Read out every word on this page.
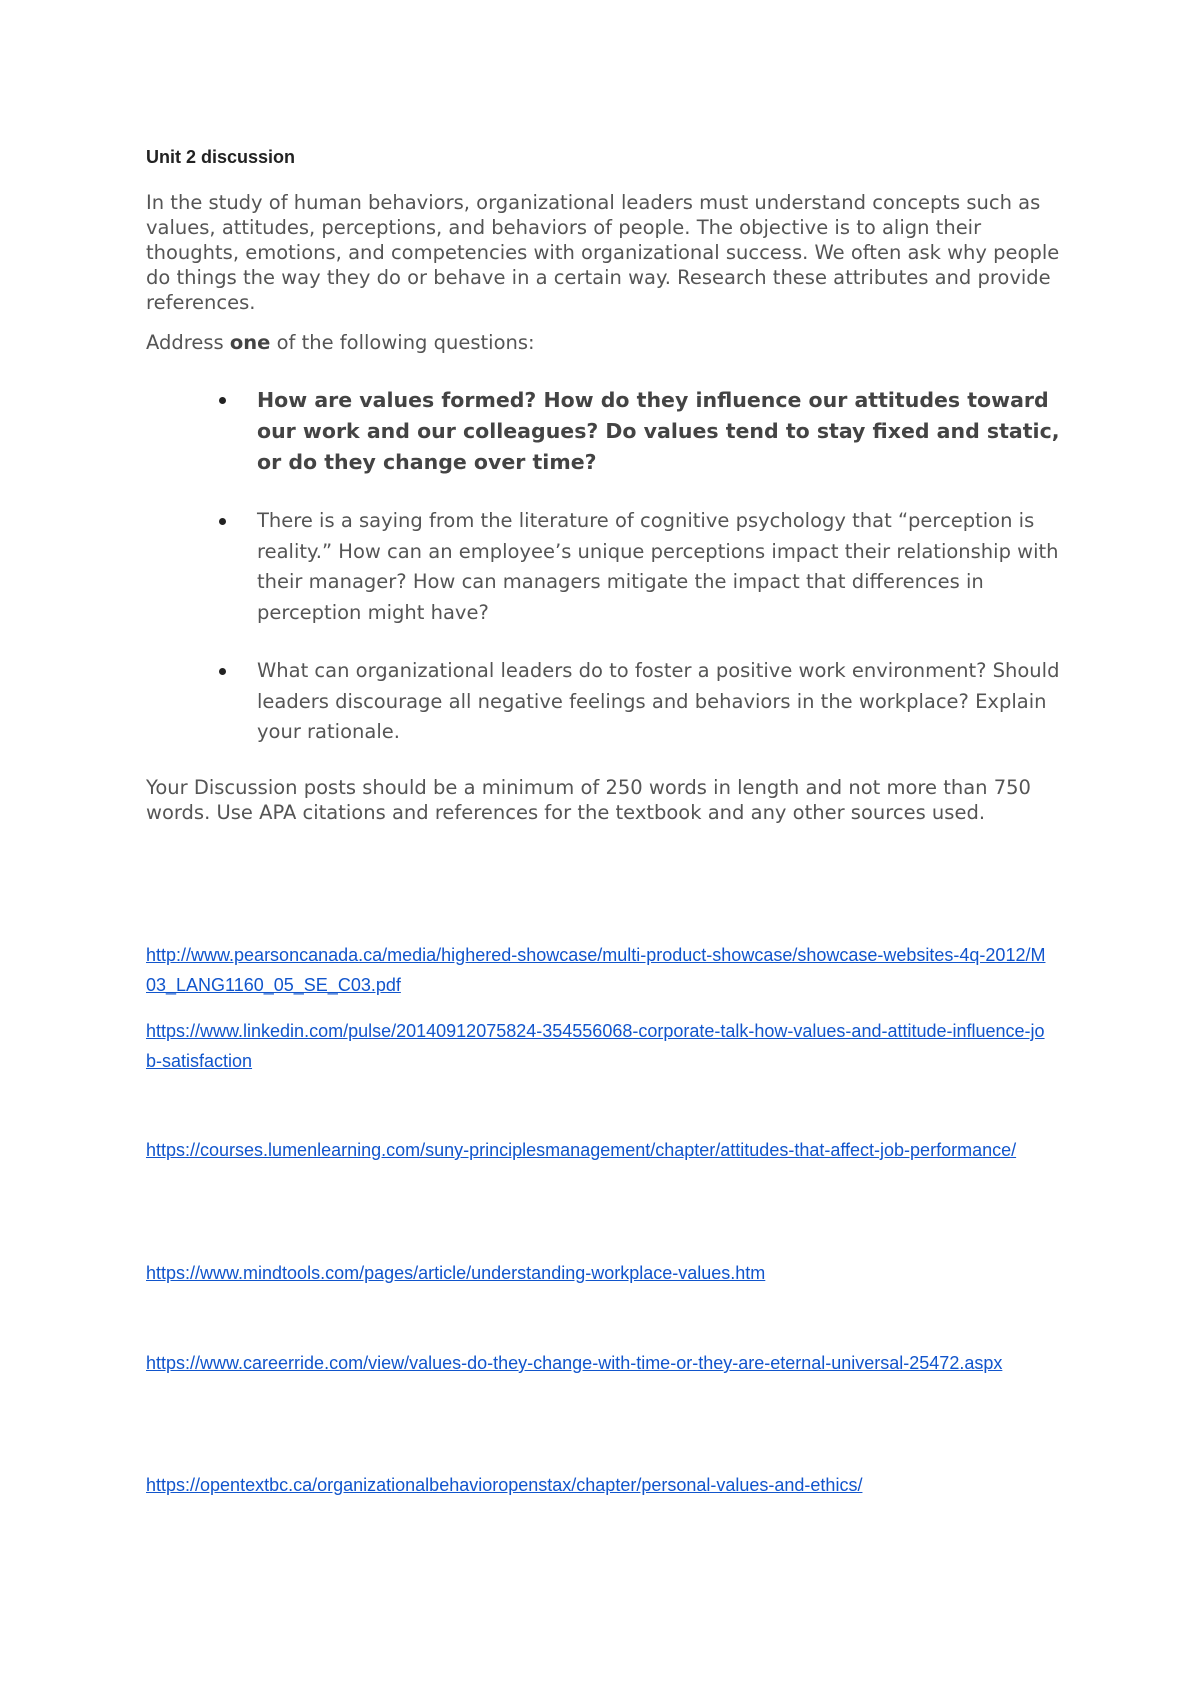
Unit 2 discussion

In the study of human behaviors, organizational leaders must understand concepts such as values, attitudes, perceptions, and behaviors of people. The objective is to align their thoughts, emotions, and competencies with organizational success. We often ask why people do things the way they do or behave in a certain way. Research these attributes and provide references.

Address one of the following questions:

How are values formed? How do they influence our attitudes toward our work and our colleagues? Do values tend to stay fixed and static, or do they change over time?
There is a saying from the literature of cognitive psychology that “perception is reality.” How can an employee’s unique perceptions impact their relationship with their manager? How can managers mitigate the impact that differences in perception might have?
What can organizational leaders do to foster a positive work environment? Should leaders discourage all negative feelings and behaviors in the workplace? Explain your rationale.

Your Discussion posts should be a minimum of 250 words in length and not more than 750 words. Use APA citations and references for the textbook and any other sources used.

http://www.pearsoncanada.ca/media/highered-showcase/multi-product-showcase/showcase-websites-4q-2012/M03_LANG1160_05_SE_C03.pdf
https://www.linkedin.com/pulse/20140912075824-354556068-corporate-talk-how-values-and-attitude-influence-job-satisfaction
https://courses.lumenlearning.com/suny-principlesmanagement/chapter/attitudes-that-affect-job-performance/
https://www.mindtools.com/pages/article/understanding-workplace-values.htm
https://www.careerride.com/view/values-do-they-change-with-time-or-they-are-eternal-universal-25472.aspx
https://opentextbc.ca/organizationalbehavioropenstax/chapter/personal-values-and-ethics/
